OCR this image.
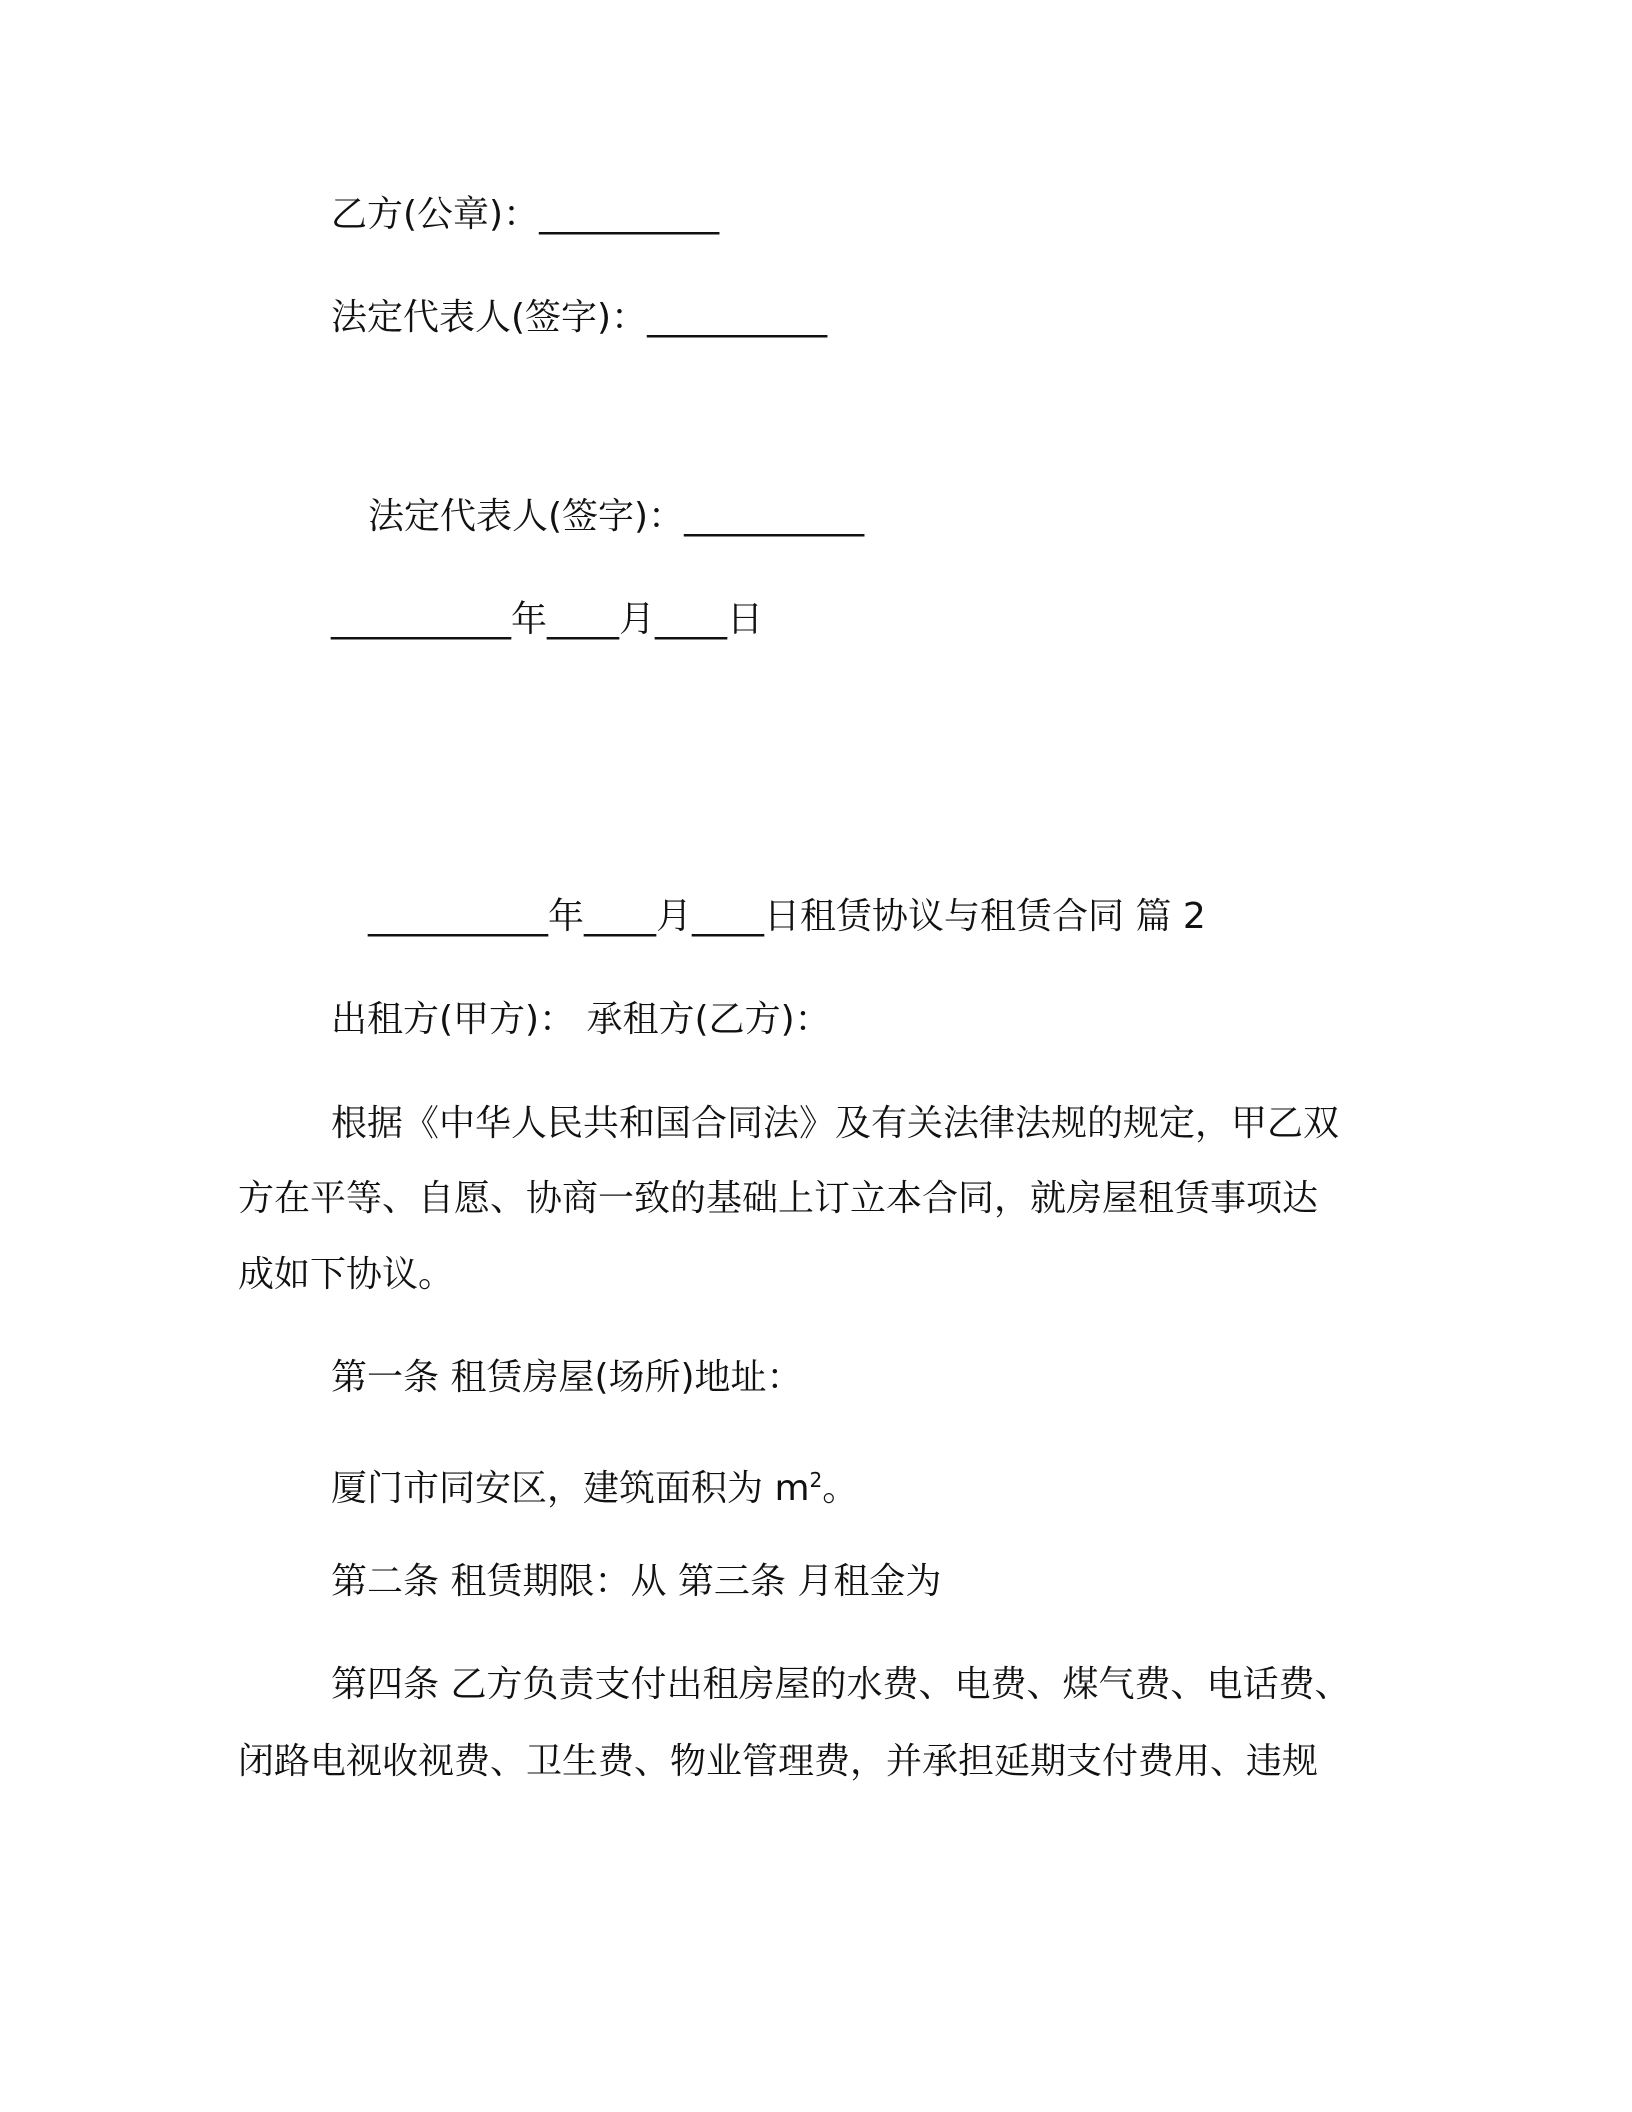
乙方(公章)：__________
法定代表人(签字)：__________
法定代表人(签字)：__________
__________年____月____日
__________年____月____日租赁协议与租赁合同 篇 2
出租方(甲方)： 承租方(乙方)：
根据《中华人民共和国合同法》及有关法律法规的规定，甲乙双
方在平等、自愿、协商一致的基础上订立本合同，就房屋租赁事项达
成如下协议。
第一条 租赁房屋(场所)地址：
厦门市同安区，建筑面积为 $m^2$。
第二条 租赁期限：从 第三条 月租金为
第四条 乙方负责支付出租房屋的水费、电费、煤气费、电话费、
闭路电视收视费、卫生费、物业管理费，并承担延期支付费用、违规
